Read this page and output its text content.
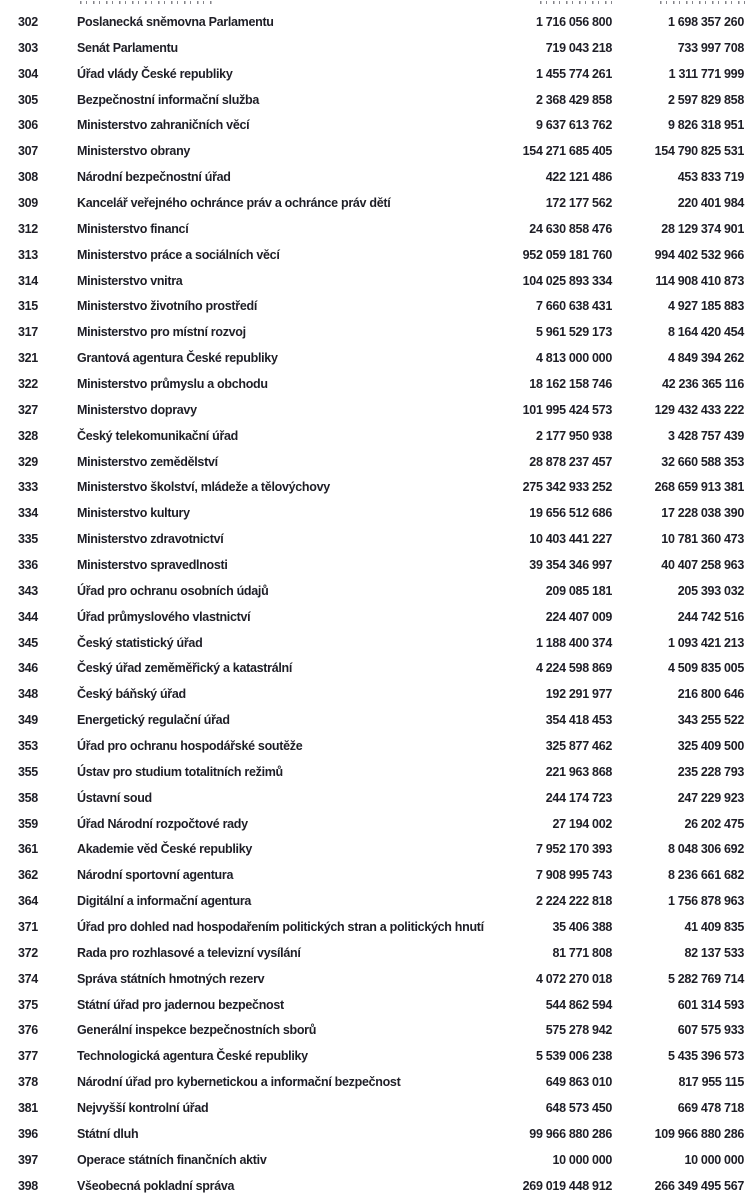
302	Poslanecká sněmovna Parlamentu	1 716 056 800	1 698 357 260
303	Senát Parlamentu	719 043 218	733 997 708
304	Úřad vlády České republiky	1 455 774 261	1 311 771 999
305	Bezpečnostní informační služba	2 368 429 858	2 597 829 858
306	Ministerstvo zahraničních věcí	9 637 613 762	9 826 318 951
307	Ministerstvo obrany	154 271 685 405	154 790 825 531
308	Národní bezpečnostní úřad	422 121 486	453 833 719
309	Kancelář veřejného ochránce práv a ochránce práv dětí	172 177 562	220 401 984
312	Ministerstvo financí	24 630 858 476	28 129 374 901
313	Ministerstvo práce a sociálních věcí	952 059 181 760	994 402 532 966
314	Ministerstvo vnitra	104 025 893 334	114 908 410 873
315	Ministerstvo životního prostředí	7 660 638 431	4 927 185 883
317	Ministerstvo pro místní rozvoj	5 961 529 173	8 164 420 454
321	Grantová agentura České republiky	4 813 000 000	4 849 394 262
322	Ministerstvo průmyslu a obchodu	18 162 158 746	42 236 365 116
327	Ministerstvo dopravy	101 995 424 573	129 432 433 222
328	Český telekomunikační úřad	2 177 950 938	3 428 757 439
329	Ministerstvo zemědělství	28 878 237 457	32 660 588 353
333	Ministerstvo školství, mládeže a tělovýchovy	275 342 933 252	268 659 913 381
334	Ministerstvo kultury	19 656 512 686	17 228 038 390
335	Ministerstvo zdravotnictví	10 403 441 227	10 781 360 473
336	Ministerstvo spravedlnosti	39 354 346 997	40 407 258 963
343	Úřad pro ochranu osobních údajů	209 085 181	205 393 032
344	Úřad průmyslového vlastnictví	224 407 009	244 742 516
345	Český statistický úřad	1 188 400 374	1 093 421 213
346	Český úřad zeměměřický a katastrální	4 224 598 869	4 509 835 005
348	Český báňský úřad	192 291 977	216 800 646
349	Energetický regulační úřad	354 418 453	343 255 522
353	Úřad pro ochranu hospodářské soutěže	325 877 462	325 409 500
355	Ústav pro studium totalitních režimů	221 963 868	235 228 793
358	Ústavní soud	244 174 723	247 229 923
359	Úřad Národní rozpočtové rady	27 194 002	26 202 475
361	Akademie věd České republiky	7 952 170 393	8 048 306 692
362	Národní sportovní agentura	7 908 995 743	8 236 661 682
364	Digitální a informační agentura	2 224 222 818	1 756 878 963
371	Úřad pro dohled nad hospodařením politických stran a politických hnutí	35 406 388	41 409 835
372	Rada pro rozhlasové a televizní vysílání	81 771 808	82 137 533
374	Správa státních hmotných rezerv	4 072 270 018	5 282 769 714
375	Státní úřad pro jadernou bezpečnost	544 862 594	601 314 593
376	Generální inspekce bezpečnostních sborů	575 278 942	607 575 933
377	Technologická agentura České republiky	5 539 006 238	5 435 396 573
378	Národní úřad pro kybernetickou a informační bezpečnost	649 863 010	817 955 115
381	Nejvyšší kontrolní úřad	648 573 450	669 478 718
396	Státní dluh	99 966 880 286	109 966 880 286
397	Operace státních finančních aktiv	10 000 000	10 000 000
398	Všeobecná pokladní správa	269 019 448 912	266 349 495 567
